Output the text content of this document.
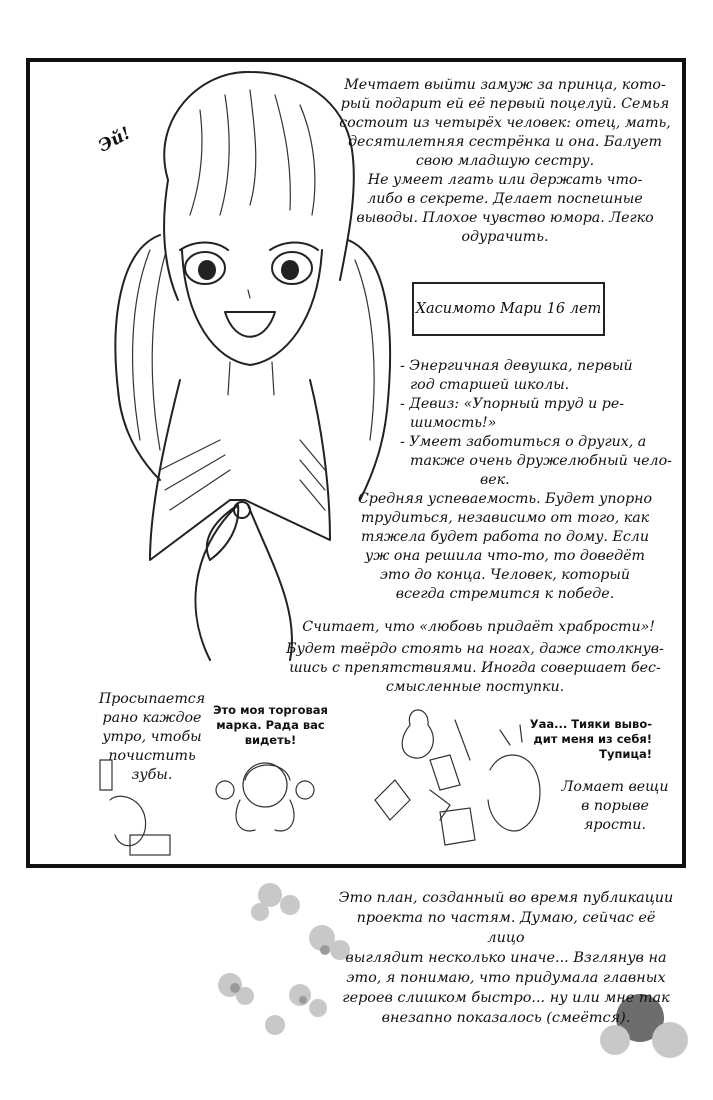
Эй!
Мечтает выйти замуж за принца, кото-
рый подарит ей её первый поцелуй. Семья
состоит из четырёх человек: отец, мать,
десятилетняя сестрёнка и она. Балует
свою младшую сестру.
Не умеет лгать или держать что-
либо в секрете. Делает поспешные
выводы. Плохое чувство юмора. Легко
одурачить.
Хасимото Мари 16 лет
- Энергичная девушка, первый
год старшей школы.
- Девиз: «Упорный труд и ре-
шимость!»
- Умеет заботиться о других, а
также очень дружелюбный чело-
век.
Средняя успеваемость. Будет упорно
трудиться, независимо от того, как
тяжела будет работа по дому. Если
уж она решила что-то, то доведёт
это до конца. Человек, который
всегда стремится к победе.
Считает, что «любовь придаёт храбрости»!
Будет твёрдо стоять на ногах, даже столкнув-
шись с препятствиями. Иногда совершает бес-
смысленные поступки.
Просыпается
рано каждое
утро, чтобы
почистить
зубы.
Это моя торговая
марка. Рада вас
видеть!
Уаа... Тияки выво-
дит меня из себя!
Тупица!
Ломает вещи
в порыве
ярости.
Это план, созданный во время публикации
проекта по частям. Думаю, сейчас её лицо
выглядит несколько иначе... Взглянув на
это, я понимаю, что придумала главных
героев слишком быстро... ну или мне так
внезапно показалось (смеётся).
